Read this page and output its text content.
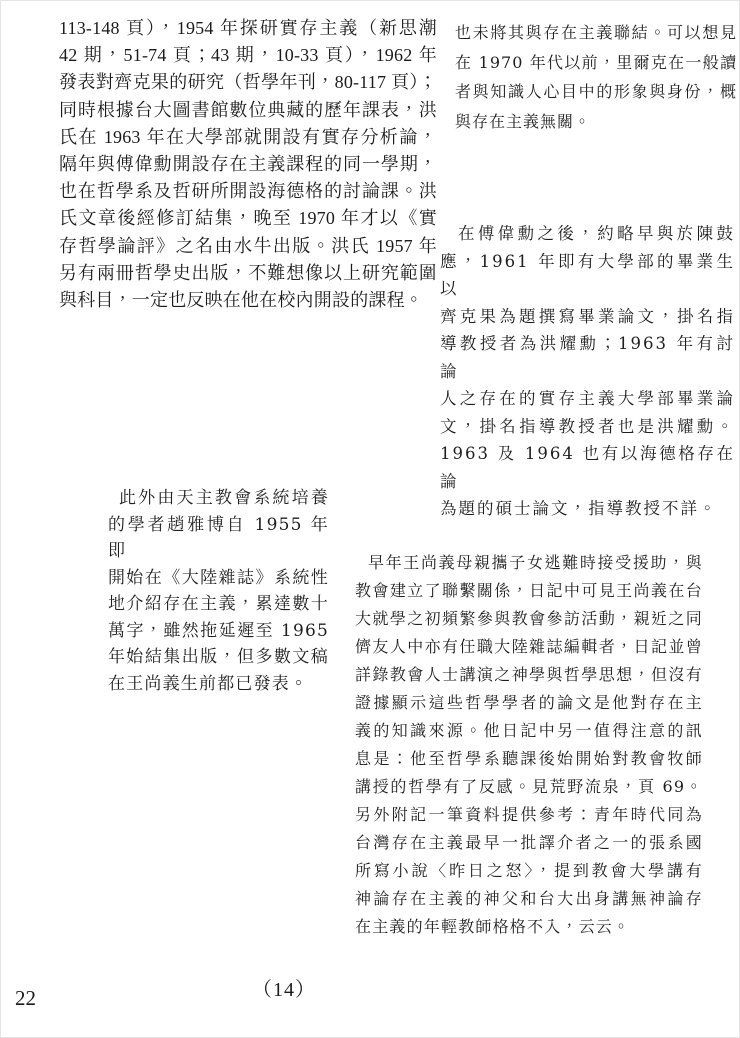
113-148 頁），1954 年探研實存主義（新思潮
42 期，51-74 頁；43 期，10-33 頁），1962 年
發表對齊克果的研究（哲學年刊，80-117 頁）；
同時根據台大圖書館數位典藏的歷年課表，洪
氏在 1963 年在大學部就開設有實存分析論，
隔年與傅偉勳開設存在主義課程的同一學期，
也在哲學系及哲研所開設海德格的討論課。洪
氏文章後經修訂結集，晚至 1970 年才以《實
存哲學論評》之名由水牛出版。洪氏 1957 年
另有兩冊哲學史出版，不難想像以上研究範圍
與科目，一定也反映在他在校內開設的課程。
也未將其與存在主義聯結。可以想見
在 1970 年代以前，里爾克在一般讀
者與知識人心目中的形象與身份，概
與存在主義無關。
在傅偉勳之後，約略早與於陳鼓
應，1961 年即有大學部的畢業生以
齊克果為題撰寫畢業論文，掛名指
導教授者為洪耀勳；1963 年有討論
人之存在的實存主義大學部畢業論
文，掛名指導教授者也是洪耀勳。
1963 及 1964 也有以海德格存在論
為題的碩士論文，指導教授不詳。
此外由天主教會系統培養
的學者趙雅博自 1955 年即
開始在《大陸雜誌》系統性
地介紹存在主義，累達數十
萬字，雖然拖延遲至 1965
年始結集出版，但多數文稿
在王尚義生前都已發表。
早年王尚義母親攜子女逃難時接受援助，與
教會建立了聯繫關係，日記中可見王尚義在台
大就學之初頻繁參與教會參訪活動，親近之同
儕友人中亦有任職大陸雜誌編輯者，日記並曾
詳錄教會人士講演之神學與哲學思想，但沒有
證據顯示這些哲學學者的論文是他對存在主
義的知識來源。他日記中另一值得注意的訊
息是：他至哲學系聽課後始開始對教會牧師
講授的哲學有了反感。見荒野流泉，頁 69。
另外附記一筆資料提供參考：青年時代同為
台灣存在主義最早一批譯介者之一的張系國
所寫小說〈昨日之怒〉，提到教會大學講有
神論存在主義的神父和台大出身講無神論存
在主義的年輕教師格格不入，云云。
（14）
22
